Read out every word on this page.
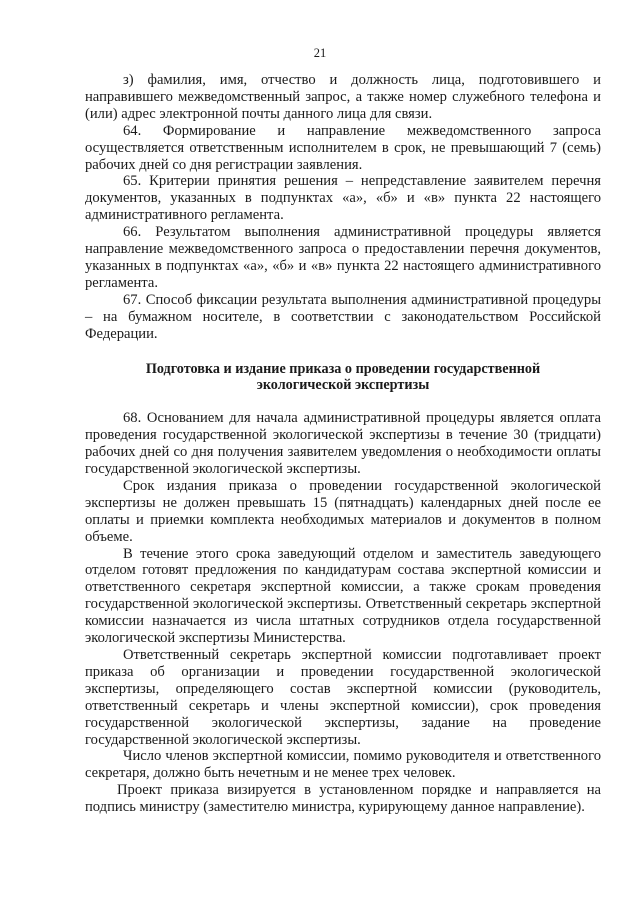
21

з) фамилия, имя, отчество и должность лица, подготовившего и направившего межведомственный запрос, а также номер служебного телефона и (или) адрес электронной почты данного лица для связи.

64. Формирование и направление межведомственного запроса осуществляется ответственным исполнителем в срок, не превышающий 7 (семь) рабочих дней со дня регистрации заявления.

65. Критерии принятия решения – непредставление заявителем перечня документов, указанных в подпунктах «а», «б» и «в» пункта 22 настоящего административного регламента.

66. Результатом выполнения административной процедуры является направление межведомственного запроса о предоставлении перечня документов, указанных в подпунктах «а», «б» и «в» пункта 22 настоящего административного регламента.

67. Способ фиксации результата выполнения административной процедуры – на бумажном носителе, в соответствии с законодательством Российской Федерации.

Подготовка и издание приказа о проведении государственной экологической экспертизы

68. Основанием для начала административной процедуры является оплата проведения государственной экологической экспертизы в течение 30 (тридцати) рабочих дней со дня получения заявителем уведомления о необходимости оплаты государственной экологической экспертизы.

Срок издания приказа о проведении государственной экологической экспертизы не должен превышать 15 (пятнадцать) календарных дней после ее оплаты и приемки комплекта необходимых материалов и документов в полном объеме.

В течение этого срока заведующий отделом и заместитель заведующего отделом готовят предложения по кандидатурам состава экспертной комиссии и ответственного секретаря экспертной комиссии, а также срокам проведения государственной экологической экспертизы. Ответственный секретарь экспертной комиссии назначается из числа штатных сотрудников отдела государственной экологической экспертизы Министерства.

Ответственный секретарь экспертной комиссии подготавливает проект приказа об организации и проведении государственной экологической экспертизы, определяющего состав экспертной комиссии (руководитель, ответственный секретарь и члены экспертной комиссии), срок проведения государственной экологической экспертизы, задание на проведение государственной экологической экспертизы.

Число членов экспертной комиссии, помимо руководителя и ответственного секретаря, должно быть нечетным и не менее трех человек.

Проект приказа визируется в установленном порядке и направляется на подпись министру (заместителю министра, курирующему данное направление).
